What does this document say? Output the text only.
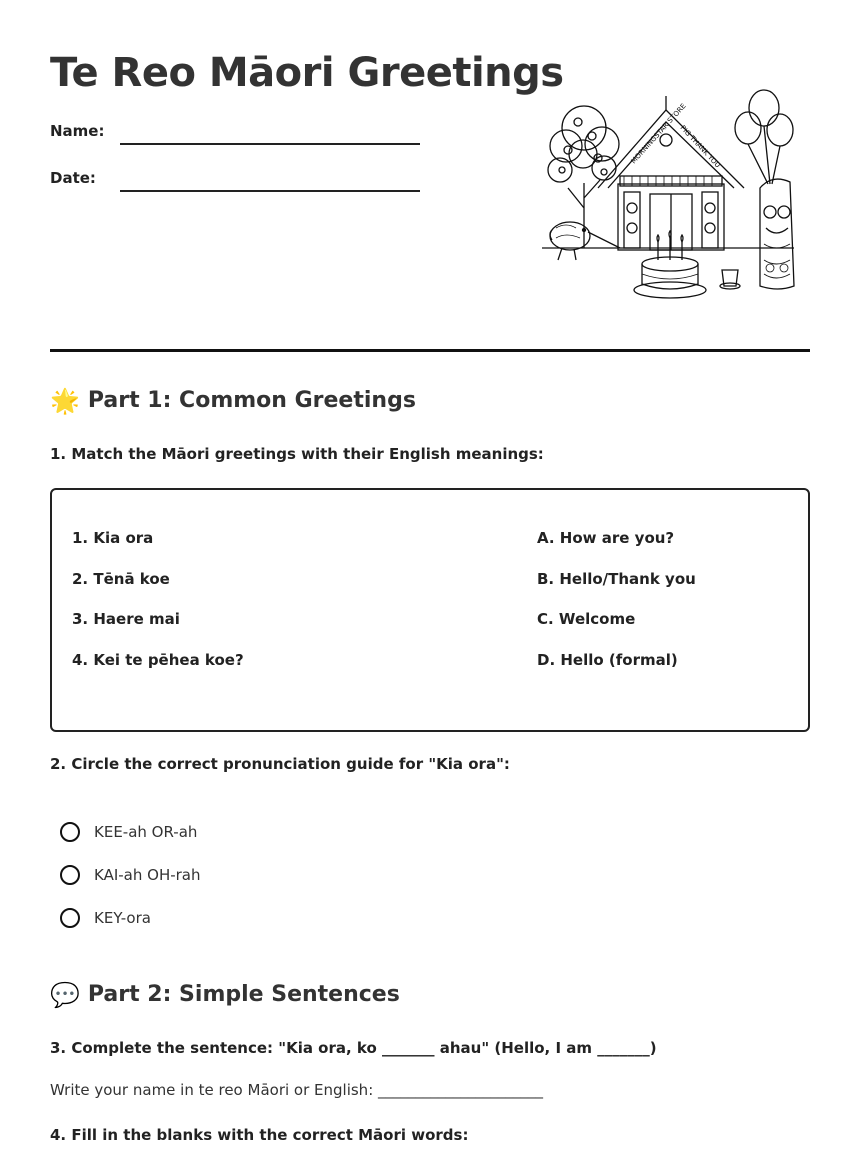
Te Reo Māori Greetings
Name:
Date:
MORNINGSTAR STORE
PIG THANK YOU
🌟 Part 1: Common Greetings

1. Match the Māori greetings with their English meanings:

1. Kia ora
2. Tēnā koe
3. Haere mai
4. Kei te pēhea koe?
A. How are you?
B. Hello/Thank you
C. Welcome
D. Hello (formal)

2. Circle the correct pronunciation guide for "Kia ora":

KEE-ah OR-ah
KAI-ah OH-rah
KEY-ora
💬 Part 2: Simple Sentences

3. Complete the sentence: "Kia ora, ko _______ ahau" (Hello, I am _______)

Write your name in te reo Māori or English: ______________________

4. Fill in the blanks with the correct Māori words:
